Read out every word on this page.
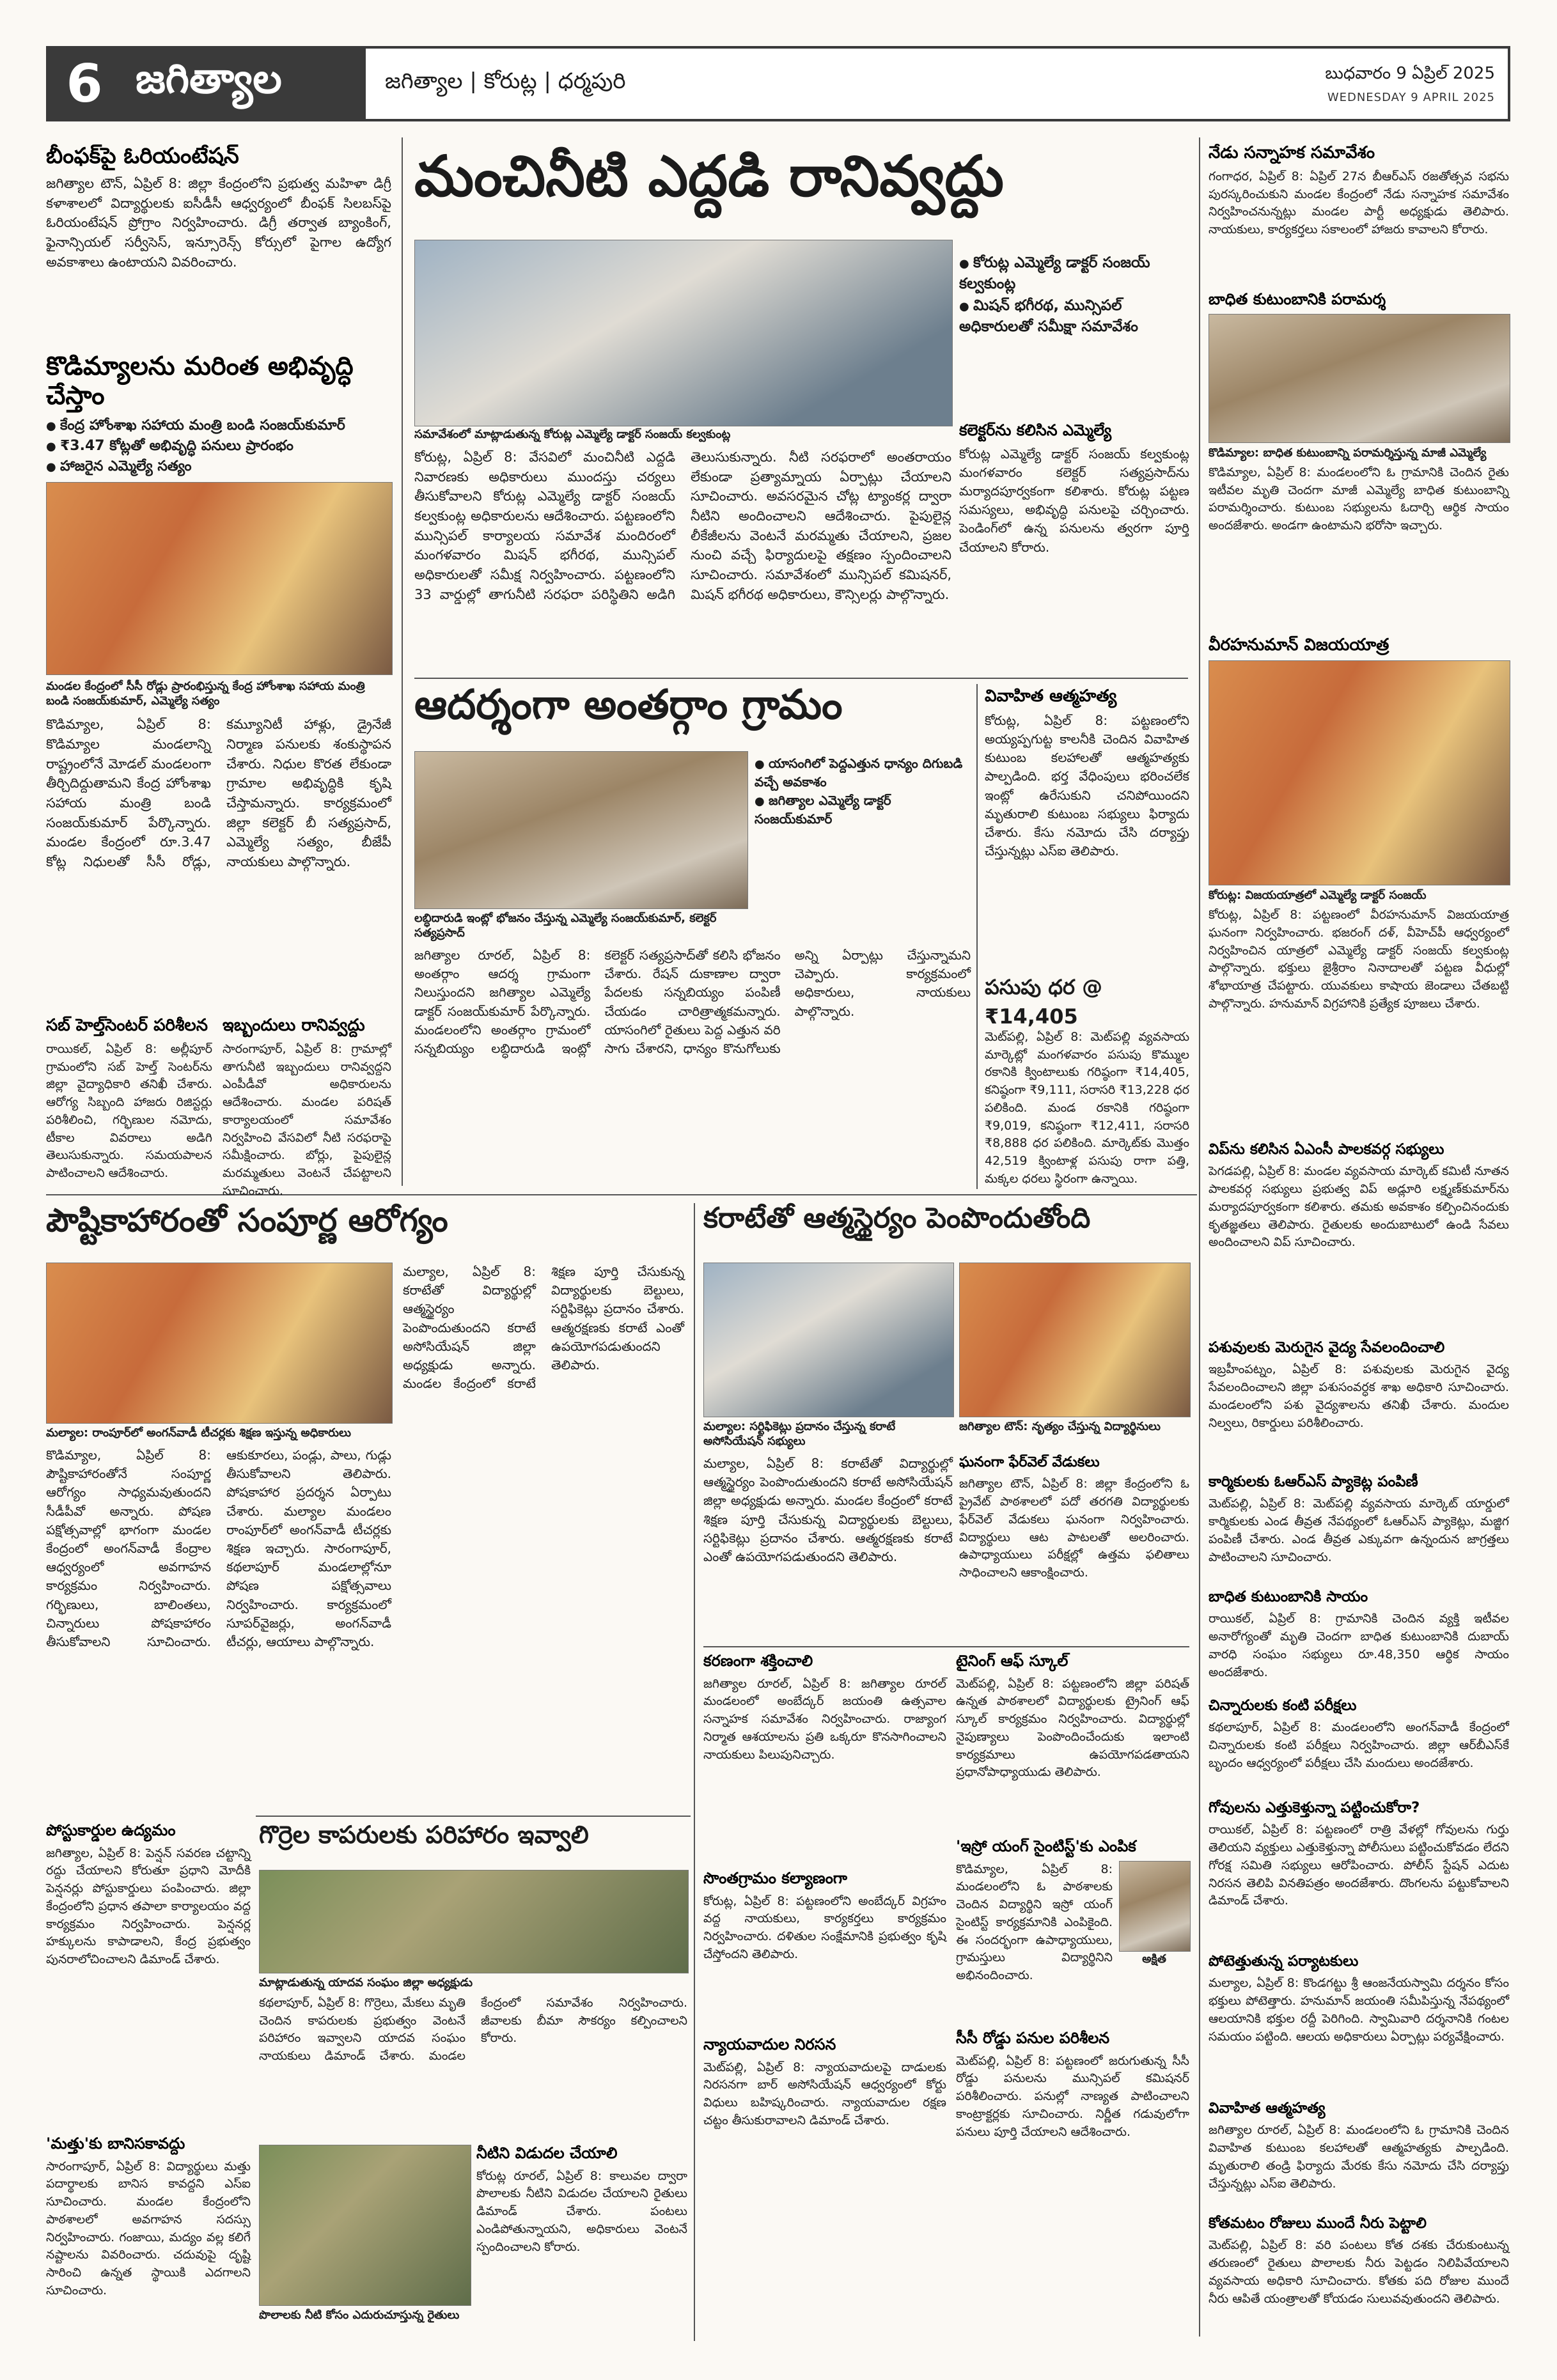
6 జగిత్యాల	జగిత్యాల | కోరుట్ల | ధర్మపురి	బుధవారం 9 ఏప్రిల్ 2025
WEDNESDAY 9 APRIL 2025
బీంఫక్‌పై ఓరియంటేషన్
జగిత్యాల టౌన్, ఏప్రిల్ 8: జిల్లా కేంద్రంలోని ప్రభుత్వ మహిళా డిగ్రీ కళాశాలలో విద్యార్థులకు ఐసీడీసీ ఆధ్వర్యంలో బీంఫక్ సిలబస్‌పై ఓరియంటేషన్ ప్రోగ్రాం నిర్వహించారు. డిగ్రీ తర్వాత బ్యాంకింగ్, ఫైనాన్సియల్ సర్వీసెస్, ఇన్సూరెన్స్ కోర్సులో పైగాల ఉద్యోగ అవకాశాలు ఉంటాయని వివరించారు.
కొడిమ్యాలను మరింత అభివృద్ధి చేస్తాం
● కేంద్ర హోంశాఖ సహాయ మంత్రి బండి సంజయ్‌కుమార్
● ₹3.47 కోట్లతో అభివృద్ధి పనులు ప్రారంభం
● హాజరైన ఎమ్మెల్యే సత్యం
మండల కేంద్రంలో సీసీ రోడ్లు ప్రారంభిస్తున్న కేంద్ర హోంశాఖ సహాయ మంత్రి బండి సంజయ్‌కుమార్, ఎమ్మెల్యే సత్యం
కొడిమ్యాల, ఏప్రిల్ 8: కొడిమ్యాల మండలాన్ని రాష్ట్రంలోనే మోడల్ మండలంగా తీర్చిదిద్దుతామని కేంద్ర హోంశాఖ సహాయ మంత్రి బండి సంజయ్‌కుమార్ పేర్కొన్నారు. మండల కేంద్రంలో రూ.3.47 కోట్ల నిధులతో సీసీ రోడ్లు, కమ్యూనిటీ హాళ్లు, డ్రైనేజీ నిర్మాణ పనులకు శంకుస్థాపన చేశారు. నిధుల కొరత లేకుండా గ్రామాల అభివృద్ధికి కృషి చేస్తామన్నారు. కార్యక్రమంలో జిల్లా కలెక్టర్ బీ సత్యప్రసాద్, ఎమ్మెల్యే సత్యం, బీజేపీ నాయకులు పాల్గొన్నారు.
సబ్ హెల్త్‌సెంటర్ పరిశీలన
రాయికల్, ఏప్రిల్ 8: అల్లీపూర్ గ్రామంలోని సబ్ హెల్త్ సెంటర్‌ను జిల్లా వైద్యాధికారి తనిఖీ చేశారు. ఆరోగ్య సిబ్బంది హాజరు రిజిస్టర్లు పరిశీలించి, గర్భిణుల నమోదు, టీకాల వివరాలు అడిగి తెలుసుకున్నారు. సమయపాలన పాటించాలని ఆదేశించారు.
ఇబ్బందులు రానివ్వద్దు
సారంగాపూర్, ఏప్రిల్ 8: గ్రామాల్లో తాగునీటి ఇబ్బందులు రానివ్వద్దని ఎంపీడీవో అధికారులను ఆదేశించారు. మండల పరిషత్ కార్యాలయంలో సమావేశం నిర్వహించి వేసవిలో నీటి సరఫరాపై సమీక్షించారు. బోర్లు, పైపులైన్ల మరమ్మతులు వెంటనే చేపట్టాలని సూచించారు.
మంచినీటి ఎద్దడి రానివ్వద్దు
● కోరుట్ల ఎమ్మెల్యే డాక్టర్ సంజయ్ కల్వకుంట్ల
● మిషన్ భగీరథ, మున్సిపల్ అధికారులతో సమీక్షా సమావేశం
సమావేశంలో మాట్లాడుతున్న కోరుట్ల ఎమ్మెల్యే డాక్టర్ సంజయ్ కల్వకుంట్ల
కోరుట్ల, ఏప్రిల్ 8: వేసవిలో మంచినీటి ఎద్దడి నివారణకు అధికారులు ముందస్తు చర్యలు తీసుకోవాలని కోరుట్ల ఎమ్మెల్యే డాక్టర్ సంజయ్ కల్వకుంట్ల అధికారులను ఆదేశించారు. పట్టణంలోని మున్సిపల్ కార్యాలయ సమావేశ మందిరంలో మంగళవారం మిషన్ భగీరథ, మున్సిపల్ అధికారులతో సమీక్ష నిర్వహించారు. పట్టణంలోని 33 వార్డుల్లో తాగునీటి సరఫరా పరిస్థితిని అడిగి తెలుసుకున్నారు. నీటి సరఫరాలో అంతరాయం లేకుండా ప్రత్యామ్నాయ ఏర్పాట్లు చేయాలని సూచించారు. అవసరమైన చోట్ల ట్యాంకర్ల ద్వారా నీటిని అందించాలని ఆదేశించారు. పైపులైన్ల లీకేజీలను వెంటనే మరమ్మతు చేయాలని, ప్రజల నుంచి వచ్చే ఫిర్యాదులపై తక్షణం స్పందించాలని సూచించారు. సమావేశంలో మున్సిపల్ కమిషనర్, మిషన్ భగీరథ అధికారులు, కౌన్సిలర్లు పాల్గొన్నారు.
కలెక్టర్‌ను కలిసిన ఎమ్మెల్యే
కోరుట్ల ఎమ్మెల్యే డాక్టర్ సంజయ్ కల్వకుంట్ల మంగళవారం కలెక్టర్ సత్యప్రసాద్‌ను మర్యాదపూర్వకంగా కలిశారు. కోరుట్ల పట్టణ సమస్యలు, అభివృద్ధి పనులపై చర్చించారు. పెండింగ్‌లో ఉన్న పనులను త్వరగా పూర్తి చేయాలని కోరారు.
ఆదర్శంగా అంతర్గాం గ్రామం
● యాసంగిలో పెద్దఎత్తున ధాన్యం దిగుబడి వచ్చే అవకాశం
● జగిత్యాల ఎమ్మెల్యే డాక్టర్ సంజయ్‌కుమార్
లబ్ధిదారుడి ఇంట్లో భోజనం చేస్తున్న ఎమ్మెల్యే సంజయ్‌కుమార్, కలెక్టర్ సత్యప్రసాద్
జగిత్యాల రూరల్, ఏప్రిల్ 8: అంతర్గాం ఆదర్శ గ్రామంగా నిలుస్తుందని జగిత్యాల ఎమ్మెల్యే డాక్టర్ సంజయ్‌కుమార్ పేర్కొన్నారు. మండలంలోని అంతర్గాం గ్రామంలో సన్నబియ్యం లబ్ధిదారుడి ఇంట్లో కలెక్టర్ సత్యప్రసాద్‌తో కలిసి భోజనం చేశారు. రేషన్ దుకాణాల ద్వారా పేదలకు సన్నబియ్యం పంపిణీ చేయడం చారిత్రాత్మకమన్నారు. యాసంగిలో రైతులు పెద్ద ఎత్తున వరి సాగు చేశారని, ధాన్యం కొనుగోలుకు అన్ని ఏర్పాట్లు చేస్తున్నామని చెప్పారు. కార్యక్రమంలో అధికారులు, నాయకులు పాల్గొన్నారు.
వివాహిత ఆత్మహత్య
కోరుట్ల, ఏప్రిల్ 8: పట్టణంలోని అయ్యప్పగుట్ట కాలనీకి చెందిన వివాహిత కుటుంబ కలహాలతో ఆత్మహత్యకు పాల్పడింది. భర్త వేధింపులు భరించలేక ఇంట్లో ఉరేసుకుని చనిపోయిందని మృతురాలి కుటుంబ సభ్యులు ఫిర్యాదు చేశారు. కేసు నమోదు చేసి దర్యాప్తు చేస్తున్నట్లు ఎస్ఐ తెలిపారు.
పసుపు ధర @ ₹14,405
మెట్‌పల్లి, ఏప్రిల్ 8: మెట్‌పల్లి వ్యవసాయ మార్కెట్లో మంగళవారం పసుపు కొమ్ముల రకానికి క్వింటాలుకు గరిష్ఠంగా ₹14,405, కనిష్ఠంగా ₹9,111, సరాసరి ₹13,228 ధర పలికింది. మండ రకానికి గరిష్ఠంగా ₹9,019, కనిష్ఠంగా ₹12,411, సరాసరి ₹8,888 ధర పలికింది. మార్కెట్‌కు మొత్తం 42,519 క్వింటాళ్ల పసుపు రాగా పత్తి, మక్కల ధరలు స్థిరంగా ఉన్నాయి.
పౌష్టికాహారంతో సంపూర్ణ ఆరోగ్యం
మల్యాల: రాంపూర్‌లో అంగన్‌వాడీ టీచర్లకు శిక్షణ ఇస్తున్న అధికారులు
కొడిమ్యాల, ఏప్రిల్ 8: పౌష్టికాహారంతోనే సంపూర్ణ ఆరోగ్యం సాధ్యమవుతుందని సీడీపీవో అన్నారు. పోషణ పక్షోత్సవాల్లో భాగంగా మండల కేంద్రంలో అంగన్‌వాడీ కేంద్రాల ఆధ్వర్యంలో అవగాహన కార్యక్రమం నిర్వహించారు. గర్భిణులు, బాలింతలు, చిన్నారులు పోషకాహారం తీసుకోవాలని సూచించారు. ఆకుకూరలు, పండ్లు, పాలు, గుడ్లు తీసుకోవాలని తెలిపారు. పోషకాహార ప్రదర్శన ఏర్పాటు చేశారు. మల్యాల మండలం రాంపూర్‌లో అంగన్‌వాడీ టీచర్లకు శిక్షణ ఇచ్చారు. సారంగాపూర్, కథలాపూర్ మండలాల్లోనూ పోషణ పక్షోత్సవాలు నిర్వహించారు. కార్యక్రమంలో సూపర్‌వైజర్లు, అంగన్‌వాడీ టీచర్లు, ఆయాలు పాల్గొన్నారు.
మల్యాల, ఏప్రిల్ 8: కరాటేతో విద్యార్థుల్లో ఆత్మస్థైర్యం పెంపొందుతుందని కరాటే అసోసియేషన్ జిల్లా అధ్యక్షుడు అన్నారు. మండల కేంద్రంలో కరాటే శిక్షణ పూర్తి చేసుకున్న విద్యార్థులకు బెల్టులు, సర్టిఫికెట్లు ప్రదానం చేశారు. ఆత్మరక్షణకు కరాటే ఎంతో ఉపయోగపడుతుందని తెలిపారు.
కరాటేతో ఆత్మస్థైర్యం పెంపొందుతోంది
మల్యాల: సర్టిఫికెట్లు ప్రదానం చేస్తున్న కరాటే అసోసియేషన్ సభ్యులు
జగిత్యాల టౌన్: నృత్యం చేస్తున్న విద్యార్థినులు
మల్యాల, ఏప్రిల్ 8: కరాటేతో విద్యార్థుల్లో ఆత్మస్థైర్యం పెంపొందుతుందని కరాటే అసోసియేషన్ జిల్లా అధ్యక్షుడు అన్నారు. మండల కేంద్రంలో కరాటే శిక్షణ పూర్తి చేసుకున్న విద్యార్థులకు బెల్టులు, సర్టిఫికెట్లు ప్రదానం చేశారు. ఆత్మరక్షణకు కరాటే ఎంతో ఉపయోగపడుతుందని తెలిపారు.
ఘనంగా ఫేర్‌వెల్ వేడుకలు
జగిత్యాల టౌన్, ఏప్రిల్ 8: జిల్లా కేంద్రంలోని ఓ ప్రైవేట్ పాఠశాలలో పదో తరగతి విద్యార్థులకు ఫేర్‌వెల్ వేడుకలు ఘనంగా నిర్వహించారు. విద్యార్థులు ఆట పాటలతో అలరించారు. ఉపాధ్యాయులు పరీక్షల్లో ఉత్తమ ఫలితాలు సాధించాలని ఆకాంక్షించారు.
కరణంగా శక్తించాలి
జగిత్యాల రూరల్, ఏప్రిల్ 8: జగిత్యాల రూరల్ మండలంలో అంబేద్కర్ జయంతి ఉత్సవాల సన్నాహక సమావేశం నిర్వహించారు. రాజ్యాంగ నిర్మాత ఆశయాలను ప్రతి ఒక్కరూ కొనసాగించాలని నాయకులు పిలుపునిచ్చారు.
సొంతగ్రామం కల్యాణంగా
కోరుట్ల, ఏప్రిల్ 8: పట్టణంలోని అంబేద్కర్ విగ్రహం వద్ద నాయకులు, కార్యకర్తలు కార్యక్రమం నిర్వహించారు. దళితుల సంక్షేమానికి ప్రభుత్వం కృషి చేస్తోందని తెలిపారు.
న్యాయవాదుల నిరసన
మెట్‌పల్లి, ఏప్రిల్ 8: న్యాయవాదులపై దాడులకు నిరసనగా బార్ అసోసియేషన్ ఆధ్వర్యంలో కోర్టు విధులు బహిష్కరించారు. న్యాయవాదుల రక్షణ చట్టం తీసుకురావాలని డిమాండ్ చేశారు.
టైనింగ్ ఆఫ్ స్కూల్
మెట్‌పల్లి, ఏప్రిల్ 8: పట్టణంలోని జిల్లా పరిషత్ ఉన్నత పాఠశాలలో విద్యార్థులకు ట్రైనింగ్ ఆఫ్ స్కూల్ కార్యక్రమం నిర్వహించారు. విద్యార్థుల్లో నైపుణ్యాలు పెంపొందించేందుకు ఇలాంటి కార్యక్రమాలు ఉపయోగపడతాయని ప్రధానోపాధ్యాయుడు తెలిపారు.
'ఇస్రో యంగ్ సైంటిస్ట్'కు ఎంపిక
కొడిమ్యాల, ఏప్రిల్ 8: మండలంలోని ఓ పాఠశాలకు చెందిన విద్యార్థిని ఇస్రో యంగ్ సైంటిస్ట్ కార్యక్రమానికి ఎంపికైంది. ఈ సందర్భంగా ఉపాధ్యాయులు, గ్రామస్తులు విద్యార్థినిని అభినందించారు.
అక్షిత
సీసీ రోడ్డు పనుల పరిశీలన
మెట్‌పల్లి, ఏప్రిల్ 8: పట్టణంలో జరుగుతున్న సీసీ రోడ్డు పనులను మున్సిపల్ కమిషనర్ పరిశీలించారు. పనుల్లో నాణ్యత పాటించాలని కాంట్రాక్టర్లకు సూచించారు. నిర్ణీత గడువులోగా పనులు పూర్తి చేయాలని ఆదేశించారు.
గొర్రెల కాపరులకు పరిహారం ఇవ్వాలి
మాట్లాడుతున్న యాదవ సంఘం జిల్లా అధ్యక్షుడు
కథలాపూర్, ఏప్రిల్ 8: గొర్రెలు, మేకలు మృతి చెందిన కాపరులకు ప్రభుత్వం వెంటనే పరిహారం ఇవ్వాలని యాదవ సంఘం నాయకులు డిమాండ్ చేశారు. మండల కేంద్రంలో సమావేశం నిర్వహించారు. జీవాలకు బీమా సౌకర్యం కల్పించాలని కోరారు.
పొలాలకు నీటి కోసం ఎదురుచూస్తున్న రైతులు
నీటిని విడుదల చేయాలి
కోరుట్ల రూరల్, ఏప్రిల్ 8: కాలువల ద్వారా పొలాలకు నీటిని విడుదల చేయాలని రైతులు డిమాండ్ చేశారు. పంటలు ఎండిపోతున్నాయని, అధికారులు వెంటనే స్పందించాలని కోరారు.
పోస్టుకార్డుల ఉద్యమం
జగిత్యాల, ఏప్రిల్ 8: పెన్షన్ సవరణ చట్టాన్ని రద్దు చేయాలని కోరుతూ ప్రధాని మోదీకి పెన్షనర్లు పోస్టుకార్డులు పంపించారు. జిల్లా కేంద్రంలోని ప్రధాన తపాలా కార్యాలయం వద్ద కార్యక్రమం నిర్వహించారు. పెన్షనర్ల హక్కులను కాపాడాలని, కేంద్ర ప్రభుత్వం పునరాలోచించాలని డిమాండ్ చేశారు.
'మత్తు'కు బానిసకావద్దు
సారంగాపూర్, ఏప్రిల్ 8: విద్యార్థులు మత్తు పదార్థాలకు బానిస కావద్దని ఎస్ఐ సూచించారు. మండల కేంద్రంలోని పాఠశాలలో అవగాహన సదస్సు నిర్వహించారు. గంజాయి, మద్యం వల్ల కలిగే నష్టాలను వివరించారు. చదువుపై దృష్టి సారించి ఉన్నత స్థాయికి ఎదగాలని సూచించారు.
నేడు సన్నాహక సమావేశం
గంగాధర, ఏప్రిల్ 8: ఏప్రిల్ 27న బీఆర్ఎస్ రజతోత్సవ సభను పురస్కరించుకుని మండల కేంద్రంలో నేడు సన్నాహక సమావేశం నిర్వహించనున్నట్లు మండల పార్టీ అధ్యక్షుడు తెలిపారు. నాయకులు, కార్యకర్తలు సకాలంలో హాజరు కావాలని కోరారు.
బాధిత కుటుంబానికి పరామర్శ
కొడిమ్యాల: బాధిత కుటుంబాన్ని పరామర్శిస్తున్న మాజీ ఎమ్మెల్యే
కొడిమ్యాల, ఏప్రిల్ 8: మండలంలోని ఓ గ్రామానికి చెందిన రైతు ఇటీవల మృతి చెందగా మాజీ ఎమ్మెల్యే బాధిత కుటుంబాన్ని పరామర్శించారు. కుటుంబ సభ్యులను ఓదార్చి ఆర్థిక సాయం అందజేశారు. అండగా ఉంటామని భరోసా ఇచ్చారు.
వీరహనుమాన్ విజయయాత్ర
కోరుట్ల: విజయయాత్రలో ఎమ్మెల్యే డాక్టర్ సంజయ్
కోరుట్ల, ఏప్రిల్ 8: పట్టణంలో వీరహనుమాన్ విజయయాత్ర ఘనంగా నిర్వహించారు. భజరంగ్ దళ్, వీహెచ్‌పీ ఆధ్వర్యంలో నిర్వహించిన యాత్రలో ఎమ్మెల్యే డాక్టర్ సంజయ్ కల్వకుంట్ల పాల్గొన్నారు. భక్తులు జైశ్రీరాం నినాదాలతో పట్టణ వీధుల్లో శోభాయాత్ర చేపట్టారు. యువకులు కాషాయ జెండాలు చేతబట్టి పాల్గొన్నారు. హనుమాన్ విగ్రహానికి ప్రత్యేక పూజలు చేశారు.
విప్‌ను కలిసిన ఏఎంసీ పాలకవర్గ సభ్యులు
పెగడపల్లి, ఏప్రిల్ 8: మండల వ్యవసాయ మార్కెట్ కమిటీ నూతన పాలకవర్గ సభ్యులు ప్రభుత్వ విప్ అడ్లూరి లక్ష్మణ్‌కుమార్‌ను మర్యాదపూర్వకంగా కలిశారు. తమకు అవకాశం కల్పించినందుకు కృతజ్ఞతలు తెలిపారు. రైతులకు అందుబాటులో ఉండి సేవలు అందించాలని విప్ సూచించారు.
పశువులకు మెరుగైన వైద్య సేవలందించాలి
ఇబ్రహీంపట్నం, ఏప్రిల్ 8: పశువులకు మెరుగైన వైద్య సేవలందించాలని జిల్లా పశుసంవర్ధక శాఖ అధికారి సూచించారు. మండలంలోని పశు వైద్యశాలను తనిఖీ చేశారు. మందుల నిల్వలు, రికార్డులు పరిశీలించారు.
కార్మికులకు ఓఆర్ఎస్ ప్యాకెట్ల పంపిణీ
మెట్‌పల్లి, ఏప్రిల్ 8: మెట్‌పల్లి వ్యవసాయ మార్కెట్ యార్డులో కార్మికులకు ఎండ తీవ్రత నేపథ్యంలో ఓఆర్ఎస్ ప్యాకెట్లు, మజ్జిగ పంపిణీ చేశారు. ఎండ తీవ్రత ఎక్కువగా ఉన్నందున జాగ్రత్తలు పాటించాలని సూచించారు.
బాధిత కుటుంబానికి సాయం
రాయికల్, ఏప్రిల్ 8: గ్రామానికి చెందిన వ్యక్తి ఇటీవల అనారోగ్యంతో మృతి చెందగా బాధిత కుటుంబానికి దుబాయ్ వారధి సంఘం సభ్యులు రూ.48,350 ఆర్థిక సాయం అందజేశారు.
చిన్నారులకు కంటి పరీక్షలు
కథలాపూర్, ఏప్రిల్ 8: మండలంలోని అంగన్‌వాడీ కేంద్రంలో చిన్నారులకు కంటి పరీక్షలు నిర్వహించారు. జిల్లా ఆర్‌బీఎస్‌కే బృందం ఆధ్వర్యంలో పరీక్షలు చేసి మందులు అందజేశారు.
గోవులను ఎత్తుకెళ్తున్నా పట్టించుకోరా?
రాయికల్, ఏప్రిల్ 8: పట్టణంలో రాత్రి వేళల్లో గోవులను గుర్తు తెలియని వ్యక్తులు ఎత్తుకెళ్తున్నా పోలీసులు పట్టించుకోవడం లేదని గోరక్ష సమితి సభ్యులు ఆరోపించారు. పోలీస్ స్టేషన్ ఎదుట నిరసన తెలిపి వినతిపత్రం అందజేశారు. దొంగలను పట్టుకోవాలని డిమాండ్ చేశారు.
పోటెత్తుతున్న పర్యాటకులు
మల్యాల, ఏప్రిల్ 8: కొండగట్టు శ్రీ ఆంజనేయస్వామి దర్శనం కోసం భక్తులు పోటెత్తారు. హనుమాన్ జయంతి సమీపిస్తున్న నేపథ్యంలో ఆలయానికి భక్తుల రద్దీ పెరిగింది. స్వామివారి దర్శనానికి గంటల సమయం పట్టింది. ఆలయ అధికారులు ఏర్పాట్లు పర్యవేక్షించారు.
వివాహిత ఆత్మహత్య
జగిత్యాల రూరల్, ఏప్రిల్ 8: మండలంలోని ఓ గ్రామానికి చెందిన వివాహిత కుటుంబ కలహాలతో ఆత్మహత్యకు పాల్పడింది. మృతురాలి తండ్రి ఫిర్యాదు మేరకు కేసు నమోదు చేసి దర్యాప్తు చేస్తున్నట్లు ఎస్ఐ తెలిపారు.
కోతమటం రోజులు ముందే నీరు పెట్టాలి
మెట్‌పల్లి, ఏప్రిల్ 8: వరి పంటలు కోత దశకు చేరుకుంటున్న తరుణంలో రైతులు పొలాలకు నీరు పెట్టడం నిలిపివేయాలని వ్యవసాయ అధికారి సూచించారు. కోతకు పది రోజుల ముందే నీరు ఆపితే యంత్రాలతో కోయడం సులువవుతుందని తెలిపారు.
